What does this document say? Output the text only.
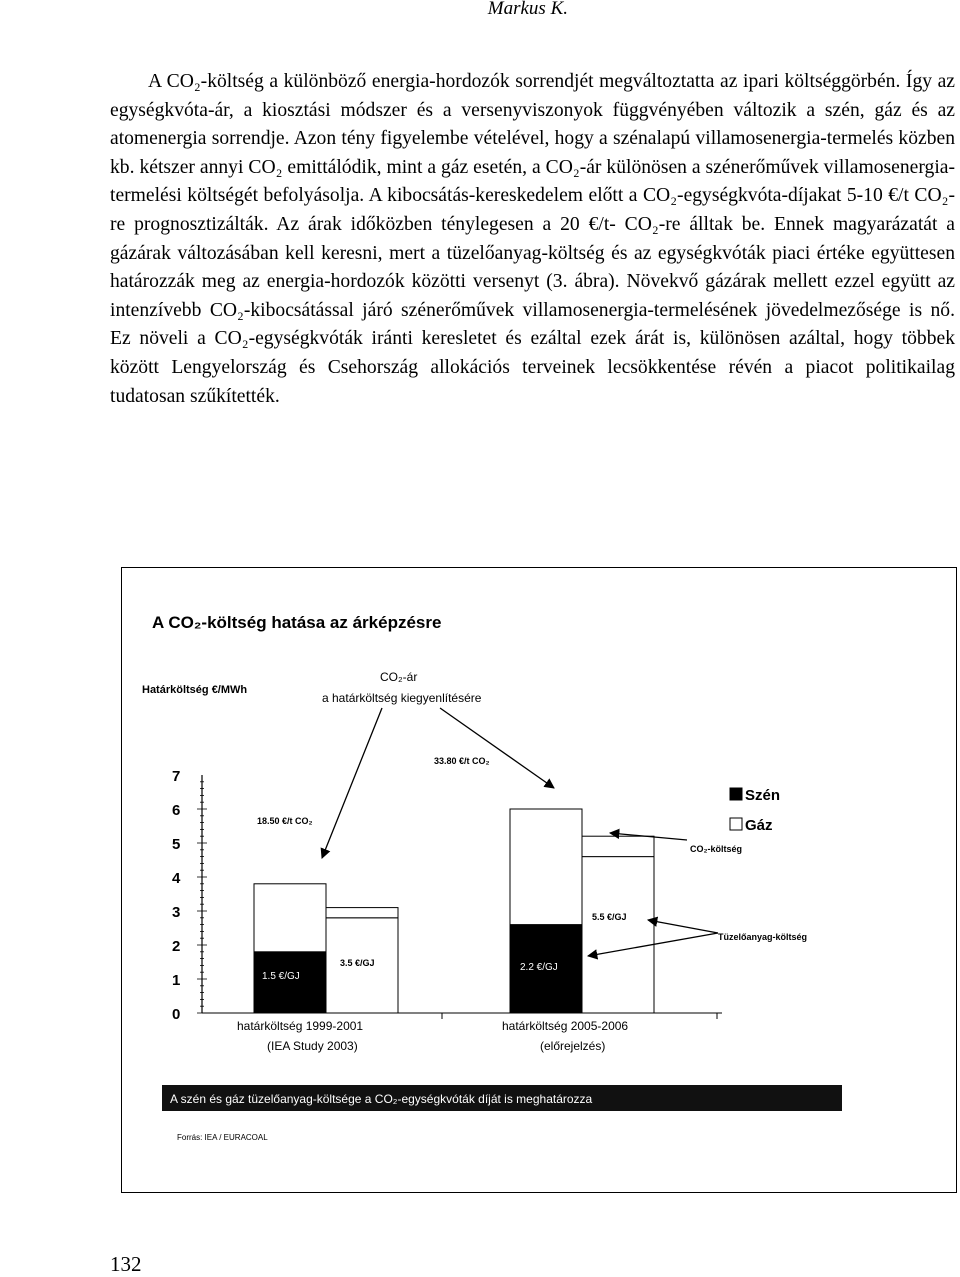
Markus K.

A CO₂-költség a különböző energia-hordozók sorrendjét megváltoztatta az ipari költséggörbén. Így az egységkvóta-ár, a kiosztási módszer és a versenyviszonyok függvényében változik a szén, gáz és az atomenergia sorrendje. Azon tény figyelembe vételével, hogy a szénalapú villamosenergia-termelés közben kb. kétszer annyi CO₂ emittálódik, mint a gáz esetén, a CO₂-ár különösen a szénerőművek villamosenergia-termelési költségét befolyásolja. A kibocsátás-kereskedelem előtt a CO₂-egységkvóta-díjakat 5-10 €/t CO₂-re prognosztizálták. Az árak időközben ténylegesen a 20 €/t- CO₂-re álltak be. Ennek magyarázatát a gázárak változásában kell keresni, mert a tüzelőanyag-költség és az egységkvóták piaci értéke együttesen határozzák meg az energia-hordozók közötti versenyt (3. ábra). Növekvő gázárak mellett ezzel együtt az intenzívebb CO₂-kibocsátással járó szénerőművek villamosenergia-termelésének jövedelmezősége is nő. Ez növeli a CO₂-egységkvóták iránti keresletet és ezáltal ezek árát is, különösen azáltal, hogy többek között Lengyelország és Csehország allokációs terveinek lecsökkentése révén a piacot politikailag tudatosan szűkítették.

A CO₂-költség hatása az árképzésre
Határköltség €/MWh
0
1
2
3
4
5
6
7
CO₂-ár
a határköltség kiegyenlítésére
18.50 €/t CO₂
33.80 €/t CO₂
1.5 €/GJ
3.5 €/GJ	2.2 €/GJ
5.5 €/GJ
Szén
Gáz
CO₂-költség
Tüzelőanyag-költség
határköltség 1999-2001
(IEA Study 2003)
határköltség 2005-2006
(előrejelzés)
A szén és gáz tüzelőanyag-költsége a CO₂-egységkvóták díját is meghatározza
Forrás: IEA / EURACOAL
132
